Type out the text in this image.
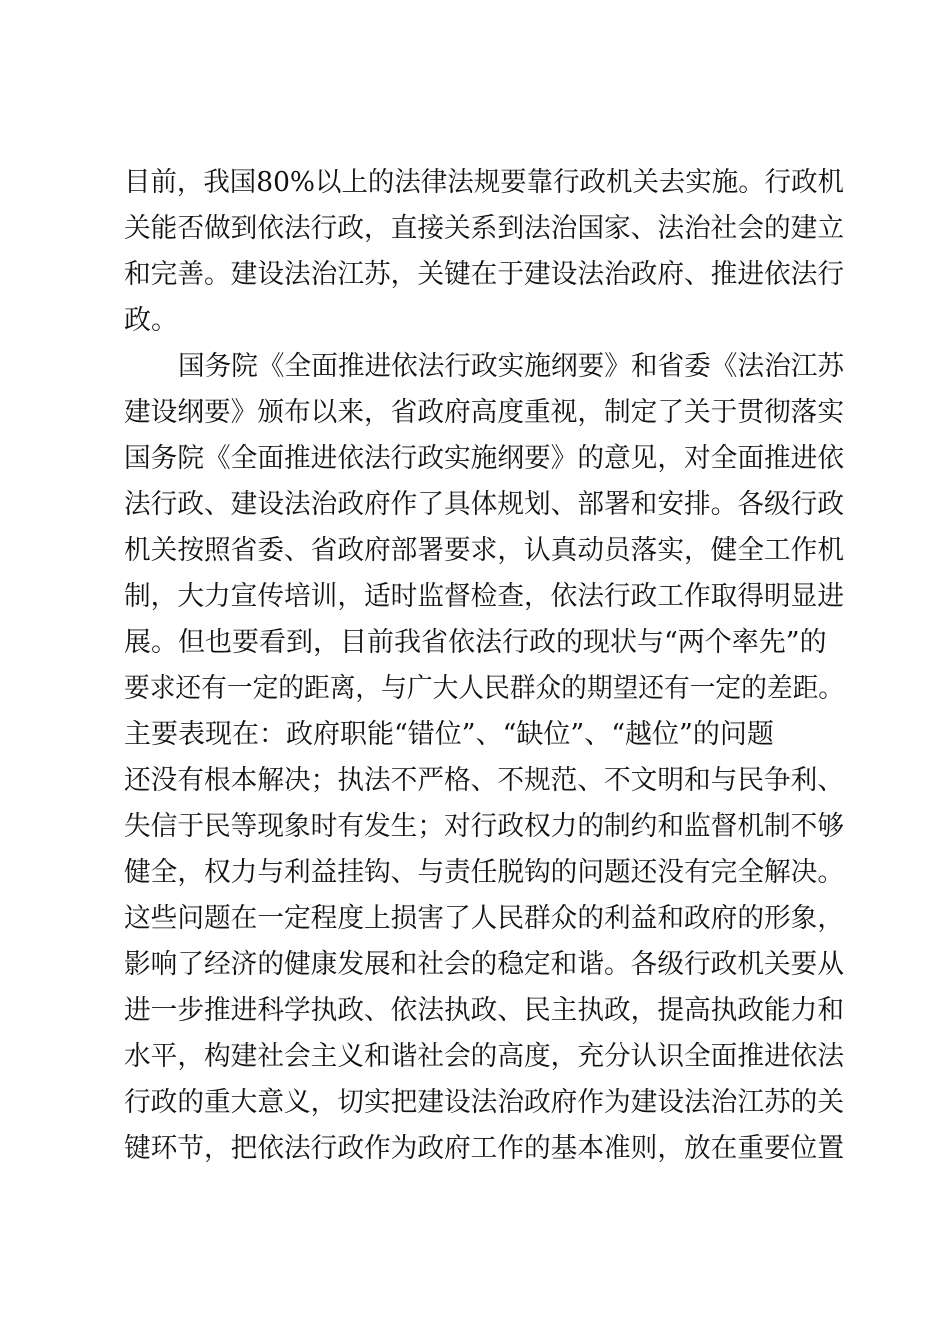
目前，我国80%以上的法律法规要靠行政机关去实施。行政机
关能否做到依法行政，直接关系到法治国家、法治社会的建立
和完善。建设法治江苏，关键在于建设法治政府、推进依法行
政。
国务院《全面推进依法行政实施纲要》和省委《法治江苏
建设纲要》颁布以来，省政府高度重视，制定了关于贯彻落实
国务院《全面推进依法行政实施纲要》的意见，对全面推进依
法行政、建设法治政府作了具体规划、部署和安排。各级行政
机关按照省委、省政府部署要求，认真动员落实，健全工作机
制，大力宣传培训，适时监督检查，依法行政工作取得明显进
展。但也要看到，目前我省依法行政的现状与“两个率先”的
要求还有一定的距离，与广大人民群众的期望还有一定的差距。
主要表现在：政府职能“错位”、“缺位”、“越位”的问题
还没有根本解决；执法不严格、不规范、不文明和与民争利、
失信于民等现象时有发生；对行政权力的制约和监督机制不够
健全，权力与利益挂钩、与责任脱钩的问题还没有完全解决。
这些问题在一定程度上损害了人民群众的利益和政府的形象，
影响了经济的健康发展和社会的稳定和谐。各级行政机关要从
进一步推进科学执政、依法执政、民主执政，提高执政能力和
水平，构建社会主义和谐社会的高度，充分认识全面推进依法
行政的重大意义，切实把建设法治政府作为建设法治江苏的关
键环节，把依法行政作为政府工作的基本准则，放在重要位置
